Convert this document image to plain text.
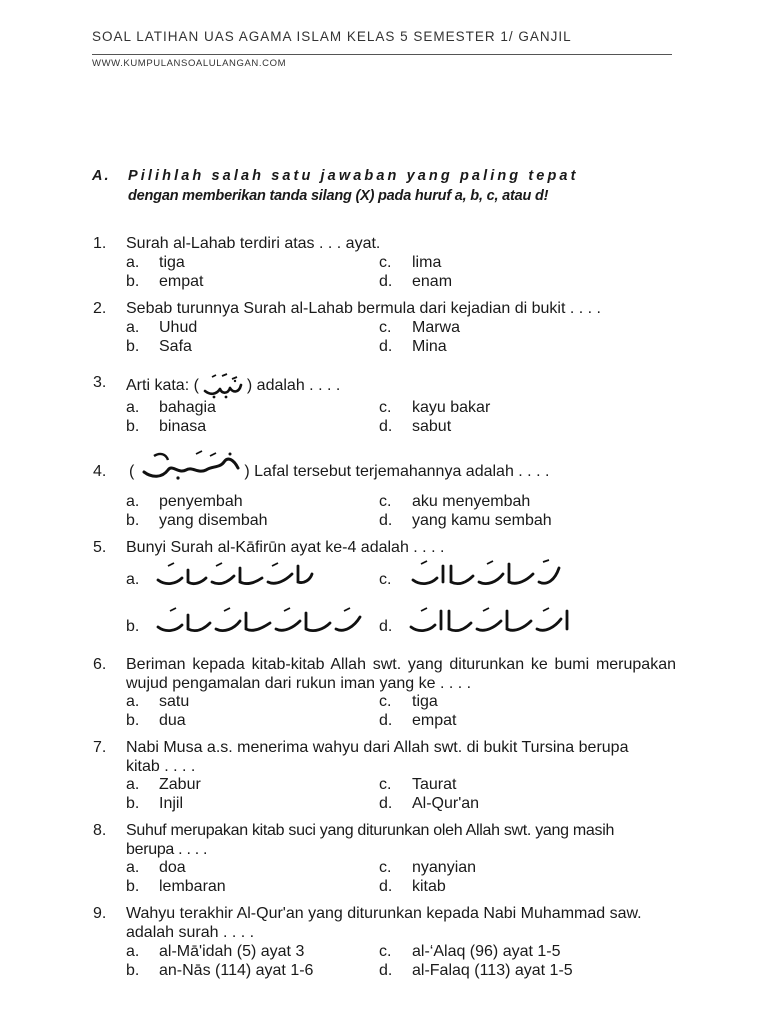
SOAL LATIHAN UAS AGAMA ISLAM KELAS 5 SEMESTER 1/ GANJIL
WWW.KUMPULANSOALULANGAN.COM
A. Pilihlah salah satu jawaban yang paling tepat
dengan memberikan tanda silang (X) pada huruf a, b, c, atau d!
1. Surah al-Lahab terdiri atas . . . ayat.
a. tiga
b. empat
c. lima
d. enam
2. Sebab turunnya Surah al-Lahab bermula dari kejadian di bukit . . . .
a. Uhud
b. Safa
c. Marwa
d. Mina
3. Arti kata: (	) adalah . . . .
a. bahagia
b. binasa
c. kayu bakar
d. sabut
4. (	) Lafal tersebut terjemahannya adalah . . . .
a. penyembah
b. yang disembah
c. aku menyembah
d. yang kamu sembah
5. Bunyi Surah al-Kāfirūn ayat ke-4 adalah . . . .
a.
b.
c.
d.
6. Beriman kepada kitab-kitab Allah swt. yang diturunkan ke bumi merupakan wujud pengamalan dari rukun iman yang ke . . . .
a. satu
b. dua
c. tiga
d. empat
7. Nabi Musa a.s. menerima wahyu dari Allah swt. di bukit Tursina berupa kitab . . . .
a. Zabur
b. Injil
c. Taurat
d. Al-Qur'an
8. Suhuf merupakan kitab suci yang diturunkan oleh Allah swt. yang masih berupa . . . .
a. doa
b. lembaran
c. nyanyian
d. kitab
9. Wahyu terakhir Al-Qur'an yang diturunkan kepada Nabi Muhammad saw. adalah surah . . . .
a. al-Mā'idah (5) ayat 3
b. an-Nās (114) ayat 1-6
c. al-‘Alaq (96) ayat 1-5
d. al-Falaq (113) ayat 1-5
